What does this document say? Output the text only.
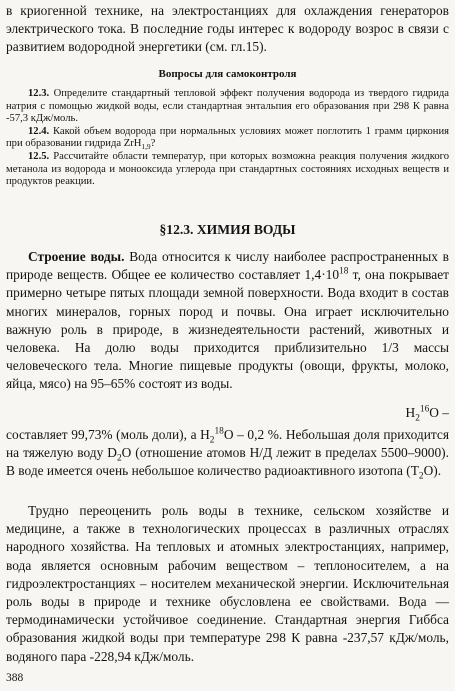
в криогенной технике, на электростанциях для охлаждения генераторов электрического тока. В последние годы интерес к водороду возрос в связи с развитием водородной энергетики (см. гл.15).

Вопросы для самоконтроля

12.3. Определите стандартный тепловой эффект получения водорода из твердого гидрида натрия с помощью жидкой воды, если стандартная энтальпия его образования при 298 К равна -57,3 кДж/моль.

12.4. Какой объем водорода при нормальных условиях может поглотить 1 грамм циркония при образовании гидрида ZrH$_{1,9}$?

12.5. Рассчитайте области температур, при которых возможна реакция получения жидкого метанола из водорода и монооксида углерода при стандартных состояниях исходных веществ и продуктов реакции.

§12.3. ХИМИЯ ВОДЫ

Строение воды. Вода относится к числу наиболее распространенных в природе веществ. Общее ее количество составляет $1,4\cdot 10^{18}$ т, она покрывает примерно четыре пятых площади земной поверхности. Вода входит в состав многих минералов, горных пород и почвы. Она играет исключительно важную роль в природе, в жизнедеятельности растений, животных и человека. На долю воды приходится приблизительно 1/3 массы человеческого тела. Многие пищевые продукты (овощи, фрукты, молоко, яйца, мясо) на 95–65% состоят из воды.

$H_2^{16}O$ –

составляет 99,73% (моль доли), а $H_2^{18}O - 0,2$ %. Небольшая доля приходится на тяжелую воду $D_2O$ (отношение атомов Н/Д лежит в пределах 5500–9000). В воде имеется очень небольшое количество радиоактивного изотопа $(T_2O)$.

Трудно переоценить роль воды в технике, сельском хозяйстве и медицине, а также в технологических процессах в различных отраслях народного хозяйства. На тепловых и атомных электростанциях, например, вода является основным рабочим веществом – теплоносителем, а на гидроэлектростанциях – носителем механической энергии. Исключительная роль воды в природе и технике обусловлена ее свойствами. Вода — термодинамически устойчивое соединение. Стандартная энергия Гиббса образования жидкой воды при температуре 298 К равна -237,57 кДж/моль, водяного пара -228,94 кДж/моль.

388
